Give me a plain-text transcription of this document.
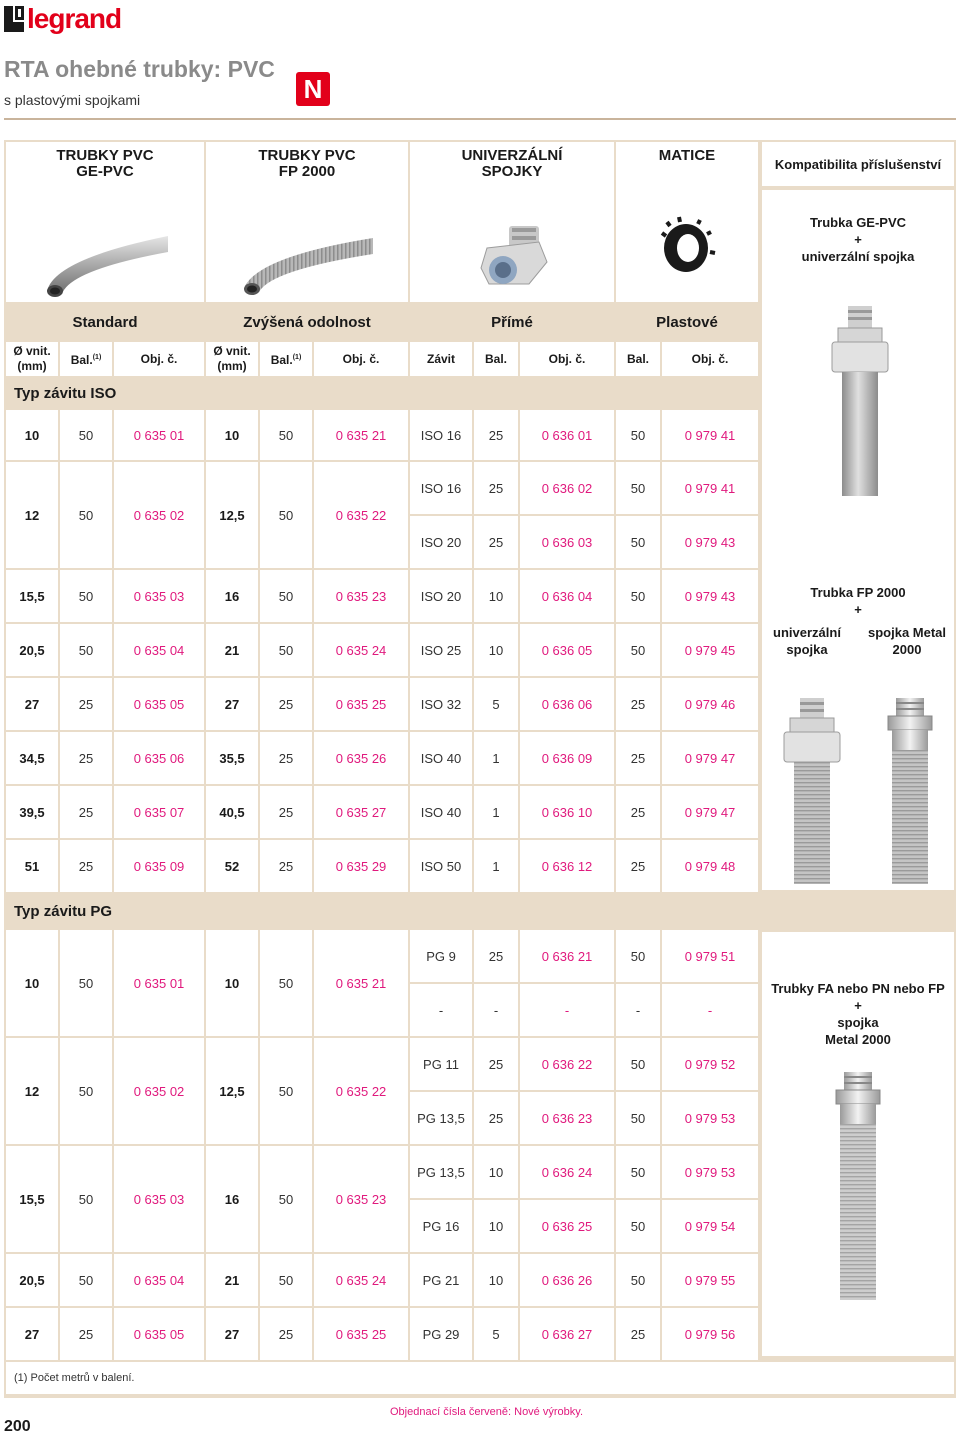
legrand
RTA ohebné trubky: PVC
s plastovými spojkami	N
TRUBKY PVC GE-PVC			TRUBKY PVC FP 2000			UNIVERZÁLNÍ SPOJKY			MATICE	

Standard			Zvýšená odolnost			Přímé			Plastové	
Ø vnit. (mm)	Bal.$^{(1)}$	Obj. č.	Ø vnit. (mm)	Bal.$^{(1)}$	Obj. č.	Závit	Bal.	Obj. č.	Bal.	Obj. č.
Typ závitu ISO										
10	50	0 635 01	10	50	0 635 21	ISO 16	25	0 636 01	50	0 979 41
12	50	0 635 02	12,5	50	0 635 22	ISO 16	25	0 636 02	50	0 979 41
						ISO 20	25	0 636 03	50	0 979 43
15,5	50	0 635 03	16	50	0 635 23	ISO 20	10	0 636 04	50	0 979 43
20,5	50	0 635 04	21	50	0 635 24	ISO 25	10	0 636 05	50	0 979 45
27	25	0 635 05	27	25	0 635 25	ISO 32	5	0 636 06	25	0 979 46
34,5	25	0 635 06	35,5	25	0 635 26	ISO 40	1	0 636 09	25	0 979 47
39,5	25	0 635 07	40,5	25	0 635 27	ISO 40	1	0 636 10	25	0 979 47
51	25	0 635 09	52	25	0 635 29	ISO 50	1	0 636 12	25	0 979 48
Typ závitu PG										
10	50	0 635 01	10	50	0 635 21	PG 9	25	0 636 21	50	0 979 51
						-	-	-	-	-
12	50	0 635 02	12,5	50	0 635 22	PG 11	25	0 636 22	50	0 979 52
						PG 13,5	25	0 636 23	50	0 979 53
15,5	50	0 635 03	16	50	0 635 23	PG 13,5	10	0 636 24	50	0 979 53
						PG 16	10	0 636 25	50	0 979 54
20,5	50	0 635 04	21	50	0 635 24	PG 21	10	0 636 26	50	0 979 55
27	25	0 635 05	27	25	0 635 25	PG 29	5	0 636 27	25	0 979 56
Kompatibilita příslušenství
Trubka GE-PVC
+
univerzální spojka
Trubka FP 2000
+
univerzální spojka
spojka Metal 2000
Trubky FA nebo PN nebo FP
+
spojka
Metal 2000
(1) Počet metrů v balení.
Objednací čísla červeně: Nové výrobky.
200
